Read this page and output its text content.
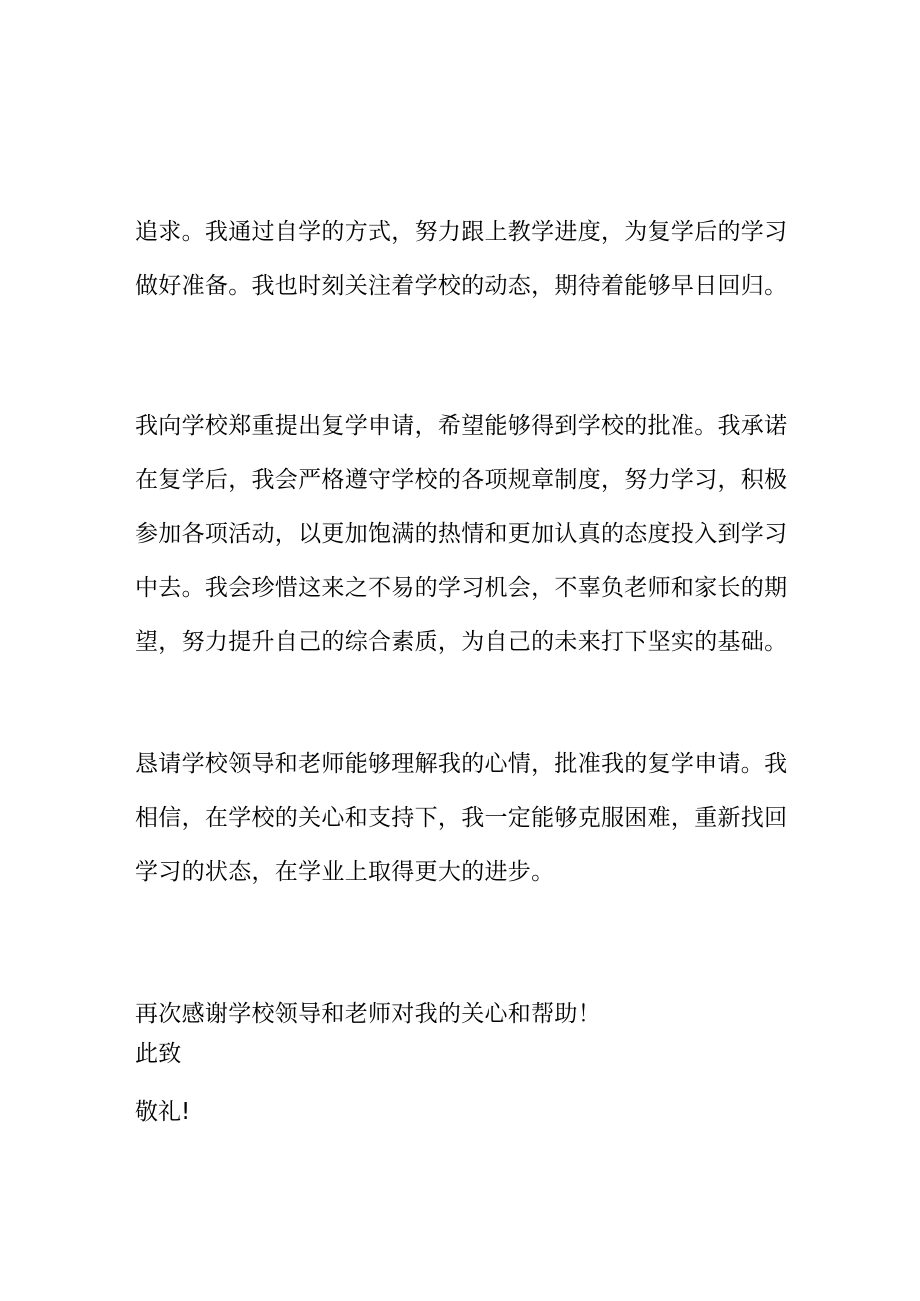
追求。我通过自学的方式，努力跟上教学进度，为复学后的学习
做好准备。我也时刻关注着学校的动态，期待着能够早日回归。

我向学校郑重提出复学申请，希望能够得到学校的批准。我承诺
在复学后，我会严格遵守学校的各项规章制度，努力学习，积极
参加各项活动，以更加饱满的热情和更加认真的态度投入到学习
中去。我会珍惜这来之不易的学习机会，不辜负老师和家长的期
望，努力提升自己的综合素质，为自己的未来打下坚实的基础。

恳请学校领导和老师能够理解我的心情，批准我的复学申请。我
相信，在学校的关心和支持下，我一定能够克服困难，重新找回
学习的状态，在学业上取得更大的进步。

再次感谢学校领导和老师对我的关心和帮助！
此致

敬礼!
